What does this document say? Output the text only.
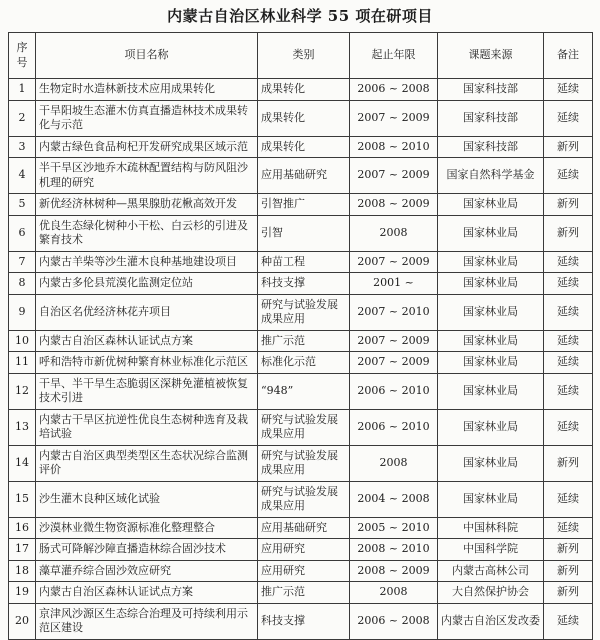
内蒙古自治区林业科学 55 项在研项目
序号	项目名称	类别	起止年限	课题来源	备注
1	生物定时水造林新技术应用成果转化	成果转化	2006 ~ 2008	国家科技部	延续
2	干旱阳坡生态灌木仿真直播造林技术成果转化与示范	成果转化	2007 ~ 2009	国家科技部	延续
3	内蒙古绿色食品枸杞开发研究成果区域示范	成果转化	2008 ~ 2010	国家科技部	新列
4	半干旱区沙地乔木疏林配置结构与防风阻沙机理的研究	应用基础研究	2007 ~ 2009	国家自然科学基金	延续
5	新优经济林树种—黑果腺肋花楸高效开发	引智推广	2008 ~ 2009	国家林业局	新列
6	优良生态绿化树种小干松、白云杉的引进及繁育技术	引智	2008	国家林业局	新列
7	内蒙古羊柴等沙生灌木良种基地建设项目	种苗工程	2007 ~ 2009	国家林业局	延续
8	内蒙古多伦县荒漠化监测定位站	科技支撑	2001 ~	国家林业局	延续
9	自治区名优经济林花卉项目	研究与试验发展成果应用	2007 ~ 2010	国家林业局	延续
10	内蒙古自治区森林认证试点方案	推广示范	2007 ~ 2009	国家林业局	延续
11	呼和浩特市新优树种繁育林业标准化示范区	标准化示范	2007 ~ 2009	国家林业局	延续
12	干旱、半干旱生态脆弱区深耕免灌植被恢复技术引进	“948”	2006 ~ 2010	国家林业局	延续
13	内蒙古干旱区抗逆性优良生态树种选育及栽培试验	研究与试验发展成果应用	2006 ~ 2010	国家林业局	延续
14	内蒙古自治区典型类型区生态状况综合监测评价	研究与试验发展成果应用	2008	国家林业局	新列
15	沙生灌木良种区域化试验	研究与试验发展成果应用	2004 ~ 2008	国家林业局	延续
16	沙漠林业微生物资源标准化整理整合	应用基础研究	2005 ~ 2010	中国林科院	延续
17	肠式可降解沙障直播造林综合固沙技术	应用研究	2008 ~ 2010	中国科学院	新列
18	藻草灌乔综合固沙效应研究	应用研究	2008 ~ 2009	内蒙古高林公司	新列
19	内蒙古自治区森林认证试点方案	推广示范	2008	大自然保护协会	新列
20	京津风沙源区生态综合治理及可持续利用示范区建设	科技支撑	2006 ~ 2008	内蒙古自治区发改委	延续
